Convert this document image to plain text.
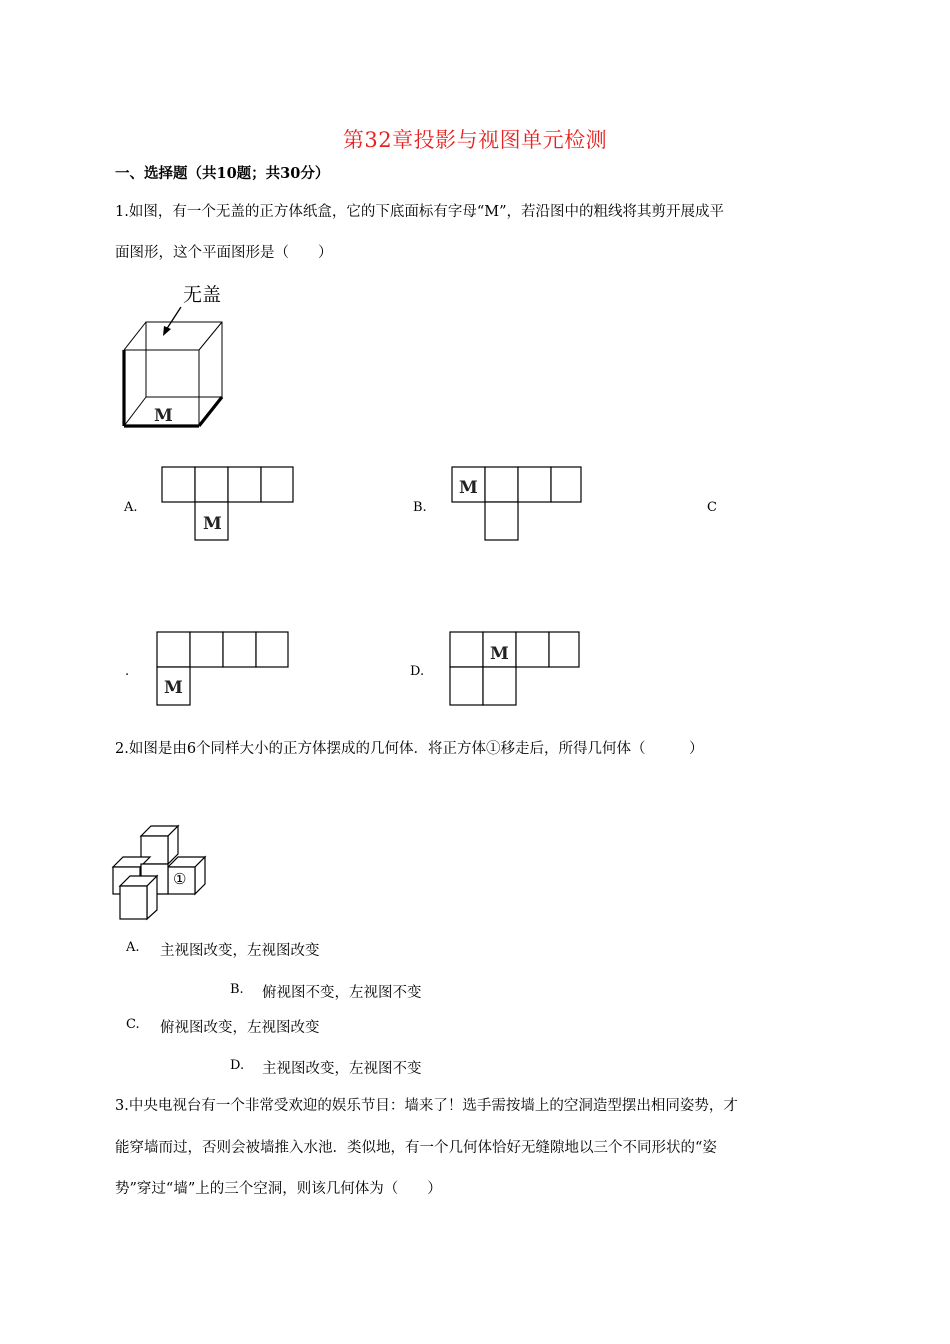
第32章投影与视图单元检测
一、选择题（共10题；共30分）
1.如图，有一个无盖的正方体纸盒，它的下底面标有字母“M”，若沿图中的粗线将其剪开展成平
面图形，这个平面图形是（　　）
无盖
M
A.
M
B.
M
C
.
M
D.
M
2.如图是由6个同样大小的正方体摆成的几何体．将正方体①移走后，所得几何体（　　　）
①
A. 主视图改变，左视图改变
B. 俯视图不变，左视图不变
C. 俯视图改变，左视图改变
D. 主视图改变，左视图不变
3.中央电视台有一个非常受欢迎的娱乐节目：墙来了！选手需按墙上的空洞造型摆出相同姿势，才
能穿墙而过，否则会被墙推入水池．类似地，有一个几何体恰好无缝隙地以三个不同形状的“姿
势”穿过“墙”上的三个空洞，则该几何体为（　　）
